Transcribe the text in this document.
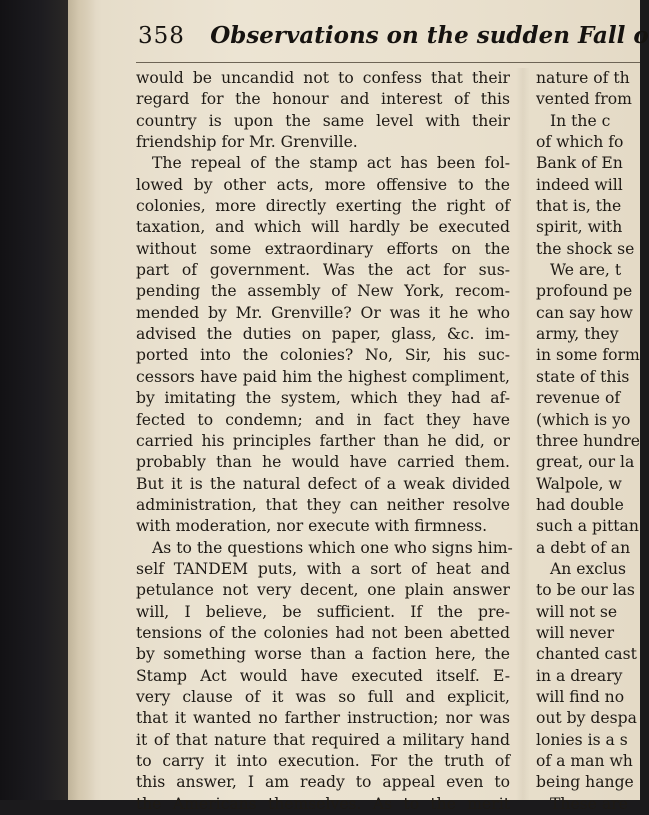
358 Observations on the sudden Fall o
would be uncandid not to confess that their
regard for the honour and interest of this
country is upon the same level with their
friendship for Mr. Grenville.
The repeal of the stamp act has been fol-
lowed by other acts, more offensive to the
colonies, more directly exerting the right of
taxation, and which will hardly be executed
without some extraordinary efforts on the
part of government. Was the act for sus-
pending the assembly of New York, recom-
mended by Mr. Grenville? Or was it he who
advised the duties on paper, glass, &c. im-
ported into the colonies? No, Sir, his suc-
cessors have paid him the highest compliment,
by imitating the system, which they had af-
fected to condemn; and in fact they have
carried his principles farther than he did, or
probably than he would have carried them.
But it is the natural defect of a weak divided
administration, that they can neither resolve
with moderation, nor execute with firmness.
As to the questions which one who signs him-
self TANDEM puts, with a sort of heat and
petulance not very decent, one plain answer
will, I believe, be sufficient. If the pre-
tensions of the colonies had not been abetted
by something worse than a faction here, the
Stamp Act would have executed itself. E-
very clause of it was so full and explicit,
that it wanted no farther instruction; nor was
it of that nature that required a military hand
to carry it into execution. For the truth of
this answer, I am ready to appeal even to
the Americans themselves. As to the merit
nature of th
vented from
In the c
of which fo
Bank of En
indeed will
that is, the
spirit, with
the shock se
We are, t
profound pe
can say how
army, they
in some form
state of this
revenue of
(which is yo
three hundre
great, our la
Walpole, w
had double
such a pittan
a debt of an
An exclus
to be our las
will not se
will never
chanted cast
in a dreary
will find no
out by despa
lonies is a s
of a man wh
being hange
These are
